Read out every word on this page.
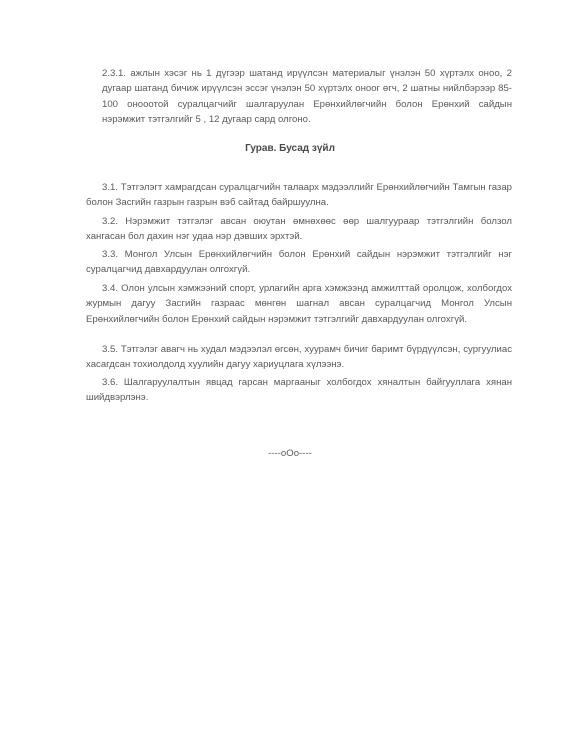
2.3.1. ажлын хэсэг нь 1 дүгээр шатанд ирүүлсэн материалыг үнэлэн 50 хүртэлх оноо, 2 дугаар шатанд бичиж ирүүлсэн эссэг үнэлэн 50 хүртэлх оноог өгч, 2 шатны нийлбэрээр 85-100 онооотой суралцагчийг шалгаруулан Ерөнхийлөгчийн болон Ерөнхий сайдын нэрэмжит тэтгэлгийг 5 , 12 дугаар сард олгоно.

Гурав. Бусад зүйл

3.1. Тэтгэлэгт хамрагдсан суралцагчийн талаарх мэдээллийг Ерөнхийлөгчийн Тамгын газар болон Засгийн газрын газрын вэб сайтад байршуулна.

3.2. Нэрэмжит тэтгэлэг авсан оюутан өмнөхөөс өөр шалгуураар тэтгэлгийн болзол хангасан бол дахин нэг удаа нэр дэвших эрхтэй.

3.3. Монгол Улсын Ерөнхийлөгчийн болон Ерөнхий сайдын нэрэмжит тэтгэлгийг нэг суралцагчид давхардуулан олгохгүй.

3.4. Олон улсын хэмжээний спорт, урлагийн арга хэмжээнд амжилттай оролцож, холбогдох журмын дагуу Засгийн газраас мөнгөн шагнал авсан суралцагчид Монгол Улсын Ерөнхийлөгчийн болон Ерөнхий сайдын нэрэмжит тэтгэлгийг давхардуулан олгохгүй.

3.5. Тэтгэлэг авагч нь худал мэдээлэл өгсөн, хуурамч бичиг баримт бүрдүүлсэн, сургуулиас хасагдсан тохиолдолд хуулийн дагуу хариуцлага хүлээнэ.

3.6. Шалгаруулалтын явцад гарсан маргааныг холбогдох хяналтын байгууллага хянан шийдвэрлэнэ.

----оОо----
